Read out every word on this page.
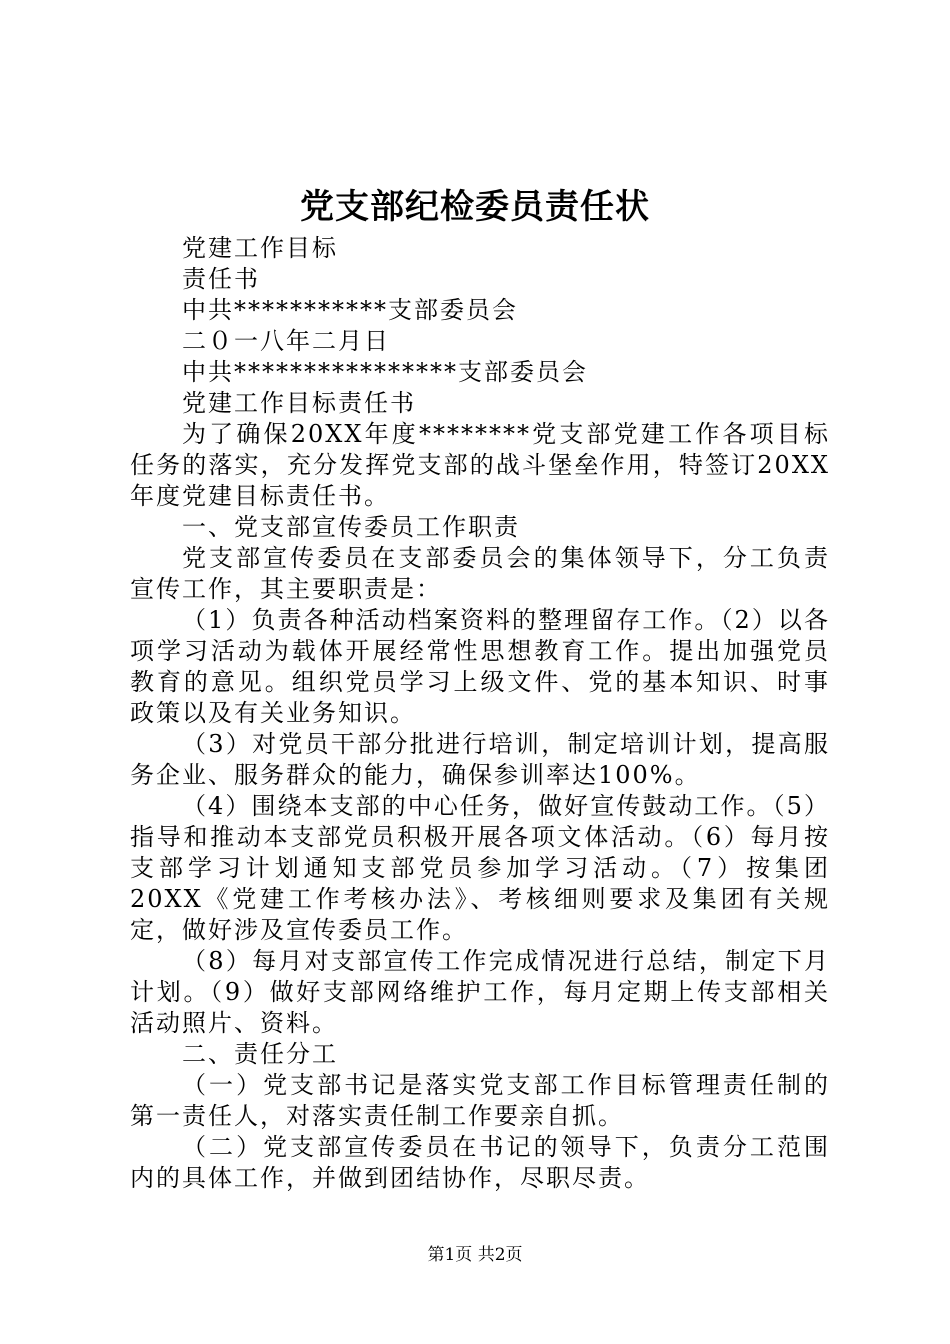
党支部纪检委员责任状

党建工作目标

责任书

中共***********支部委员会

二０一八年二月日

中共****************支部委员会

党建工作目标责任书

为了确保20XX年度********党支部党建工作各项目标任务的落实，充分发挥党支部的战斗堡垒作用，特签订20XX年度党建目标责任书。

一、党支部宣传委员工作职责

党支部宣传委员在支部委员会的集体领导下，分工负责宣传工作，其主要职责是：

（1）负责各种活动档案资料的整理留存工作。（2）以各项学习活动为载体开展经常性思想教育工作。提出加强党员教育的意见。组织党员学习上级文件、党的基本知识、时事政策以及有关业务知识。

（3）对党员干部分批进行培训，制定培训计划，提高服务企业、服务群众的能力，确保参训率达100%。

（4）围绕本支部的中心任务，做好宣传鼓动工作。（5）指导和推动本支部党员积极开展各项文体活动。（6）每月按支部学习计划通知支部党员参加学习活动。（7）按集团20XX《党建工作考核办法》、考核细则要求及集团有关规定，做好涉及宣传委员工作。

（8）每月对支部宣传工作完成情况进行总结，制定下月计划。（9）做好支部网络维护工作，每月定期上传支部相关活动照片、资料。

二、责任分工

（一）党支部书记是落实党支部工作目标管理责任制的第一责任人，对落实责任制工作要亲自抓。

（二）党支部宣传委员在书记的领导下，负责分工范围内的具体工作，并做到团结协作，尽职尽责。

第1页 共2页
